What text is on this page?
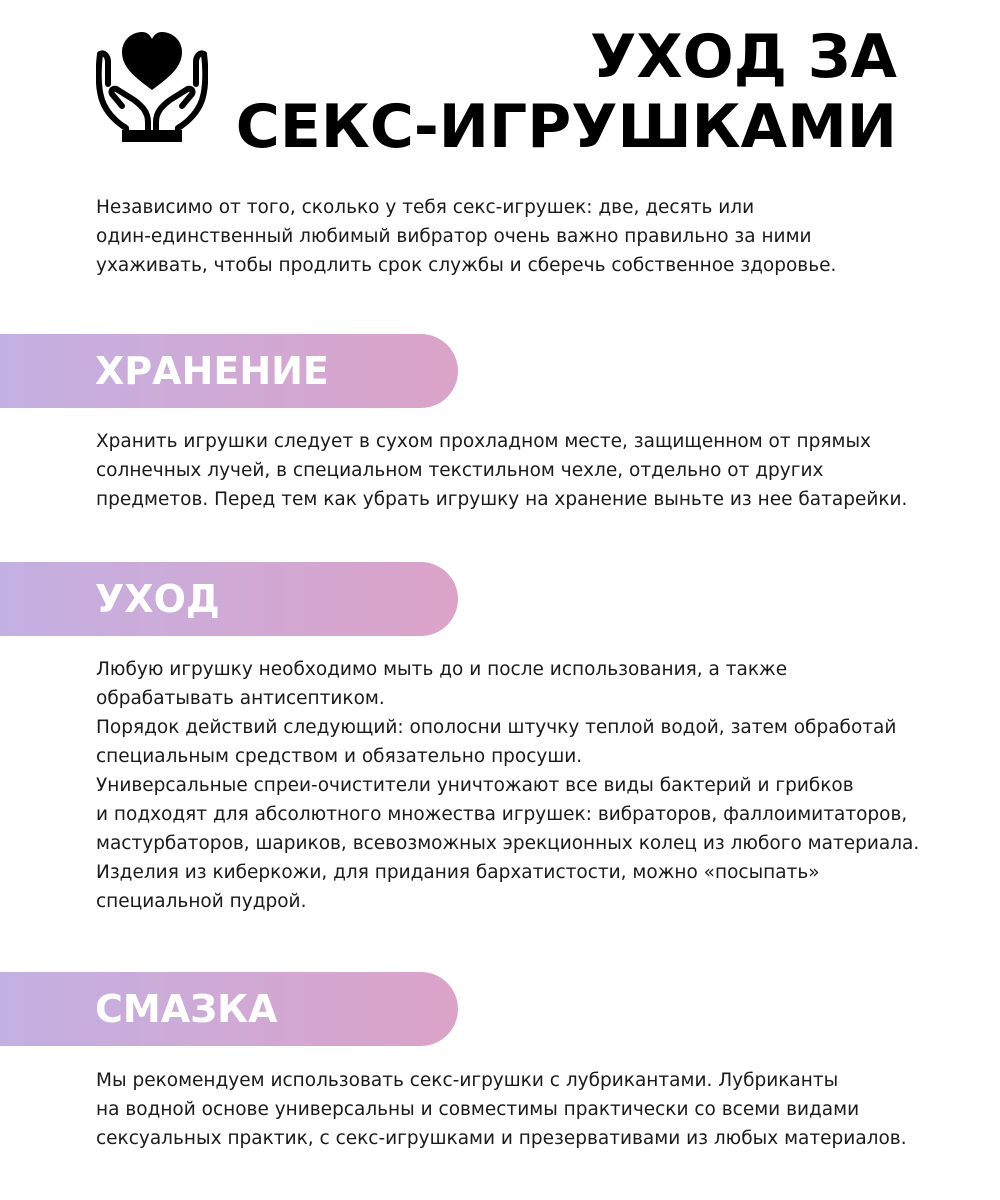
УХОД ЗА
СЕКС-ИГРУШКАМИ

Независимо от того, сколько у тебя секс-игрушек: две, десять или
один-единственный любимый вибратор очень важно правильно за ними
ухаживать, чтобы продлить срок службы и сберечь собственное здоровье.

ХРАНЕНИЕ

Хранить игрушки следует в сухом прохладном месте, защищенном от прямых
солнечных лучей, в специальном текстильном чехле, отдельно от других
предметов. Перед тем как убрать игрушку на хранение выньте из нее батарейки.

УХОД

Любую игрушку необходимо мыть до и после использования, а также
обрабатывать антисептиком.
Порядок действий следующий: ополосни штучку теплой водой, затем обработай
специальным средством и обязательно просуши.
Универсальные спреи-очистители уничтожают все виды бактерий и грибков
и подходят для абсолютного множества игрушек: вибраторов, фаллоимитаторов,
мастурбаторов, шариков, всевозможных эрекционных колец из любого материала.
Изделия из киберкожи, для придания бархатистости, можно «посыпать»
специальной пудрой.

СМАЗКА

Мы рекомендуем использовать секс-игрушки с лубрикантами. Лубриканты
на водной основе универсальны и совместимы практически со всеми видами
сексуальных практик, с секс-игрушками и презервативами из любых материалов.
